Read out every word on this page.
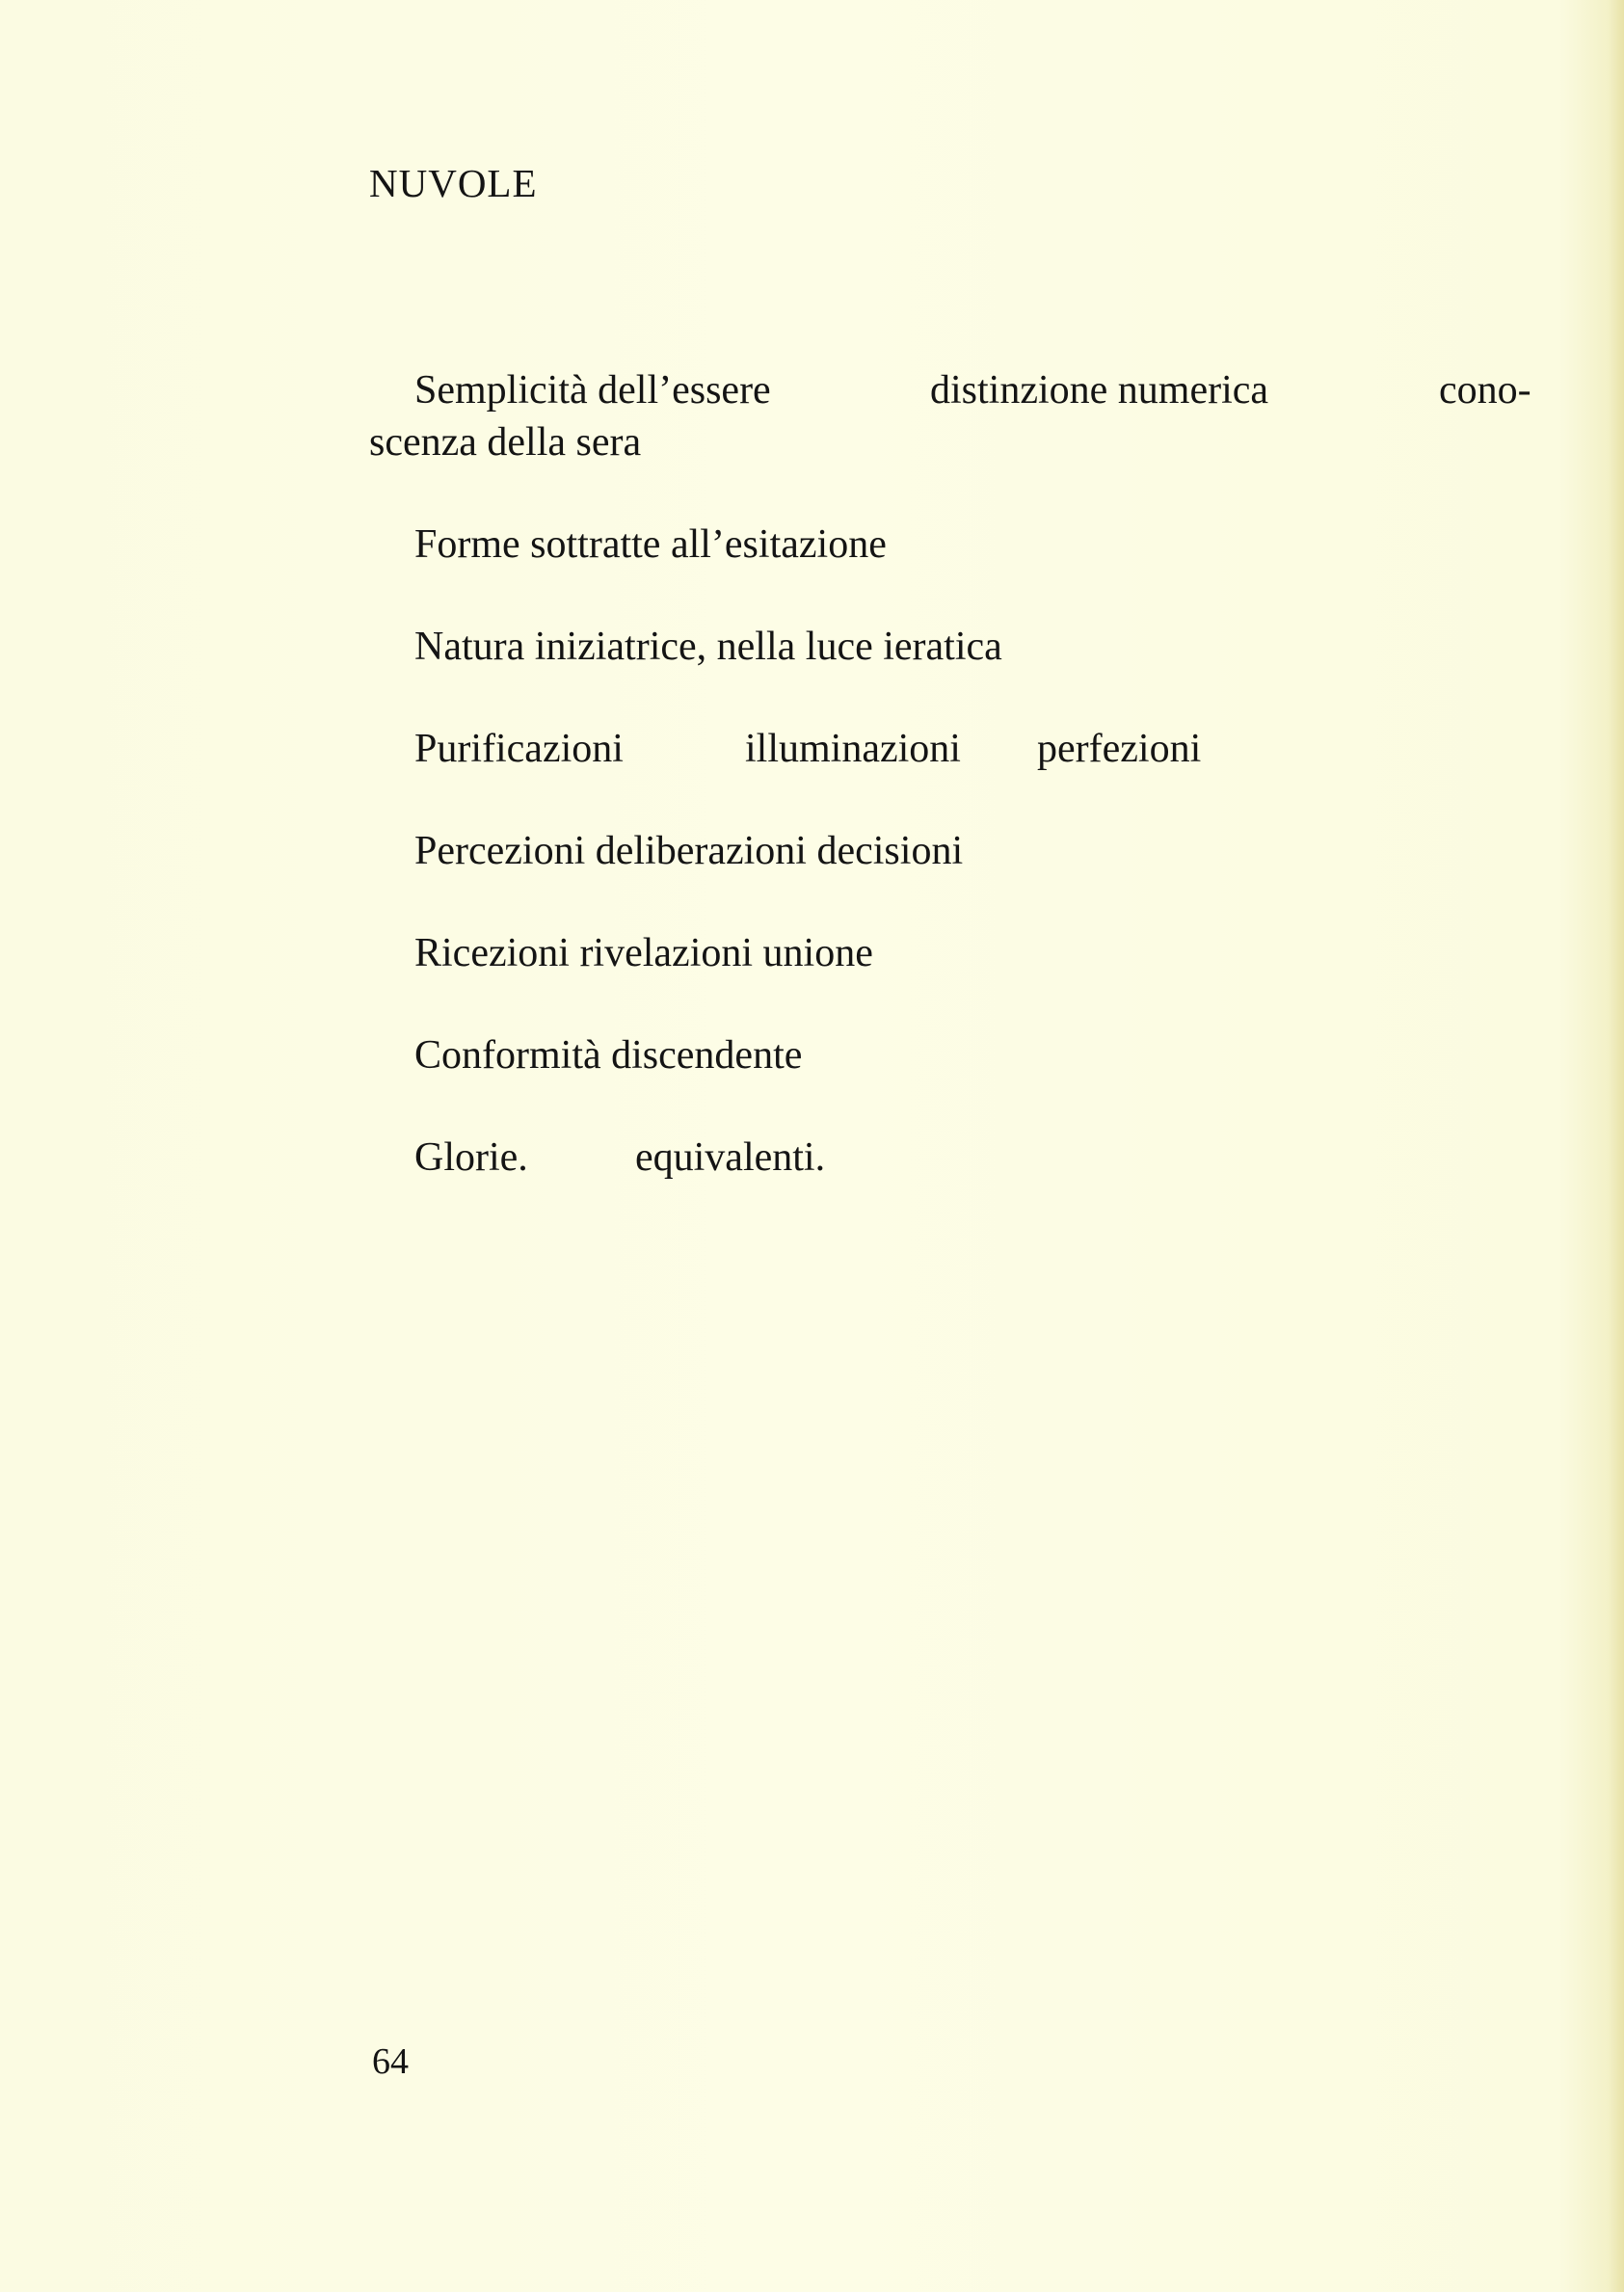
NUVOLE
Semplicità dell’essere	distinzione numerica	cono-
scenza della sera
Forme sottratte all’esitazione
Natura iniziatrice, nella luce ieratica
Purificazioni	illuminazioni perfezioni
Percezioni deliberazioni decisioni
Ricezioni rivelazioni unione
Conformità discendente
Glorie.	equivalenti.
64
